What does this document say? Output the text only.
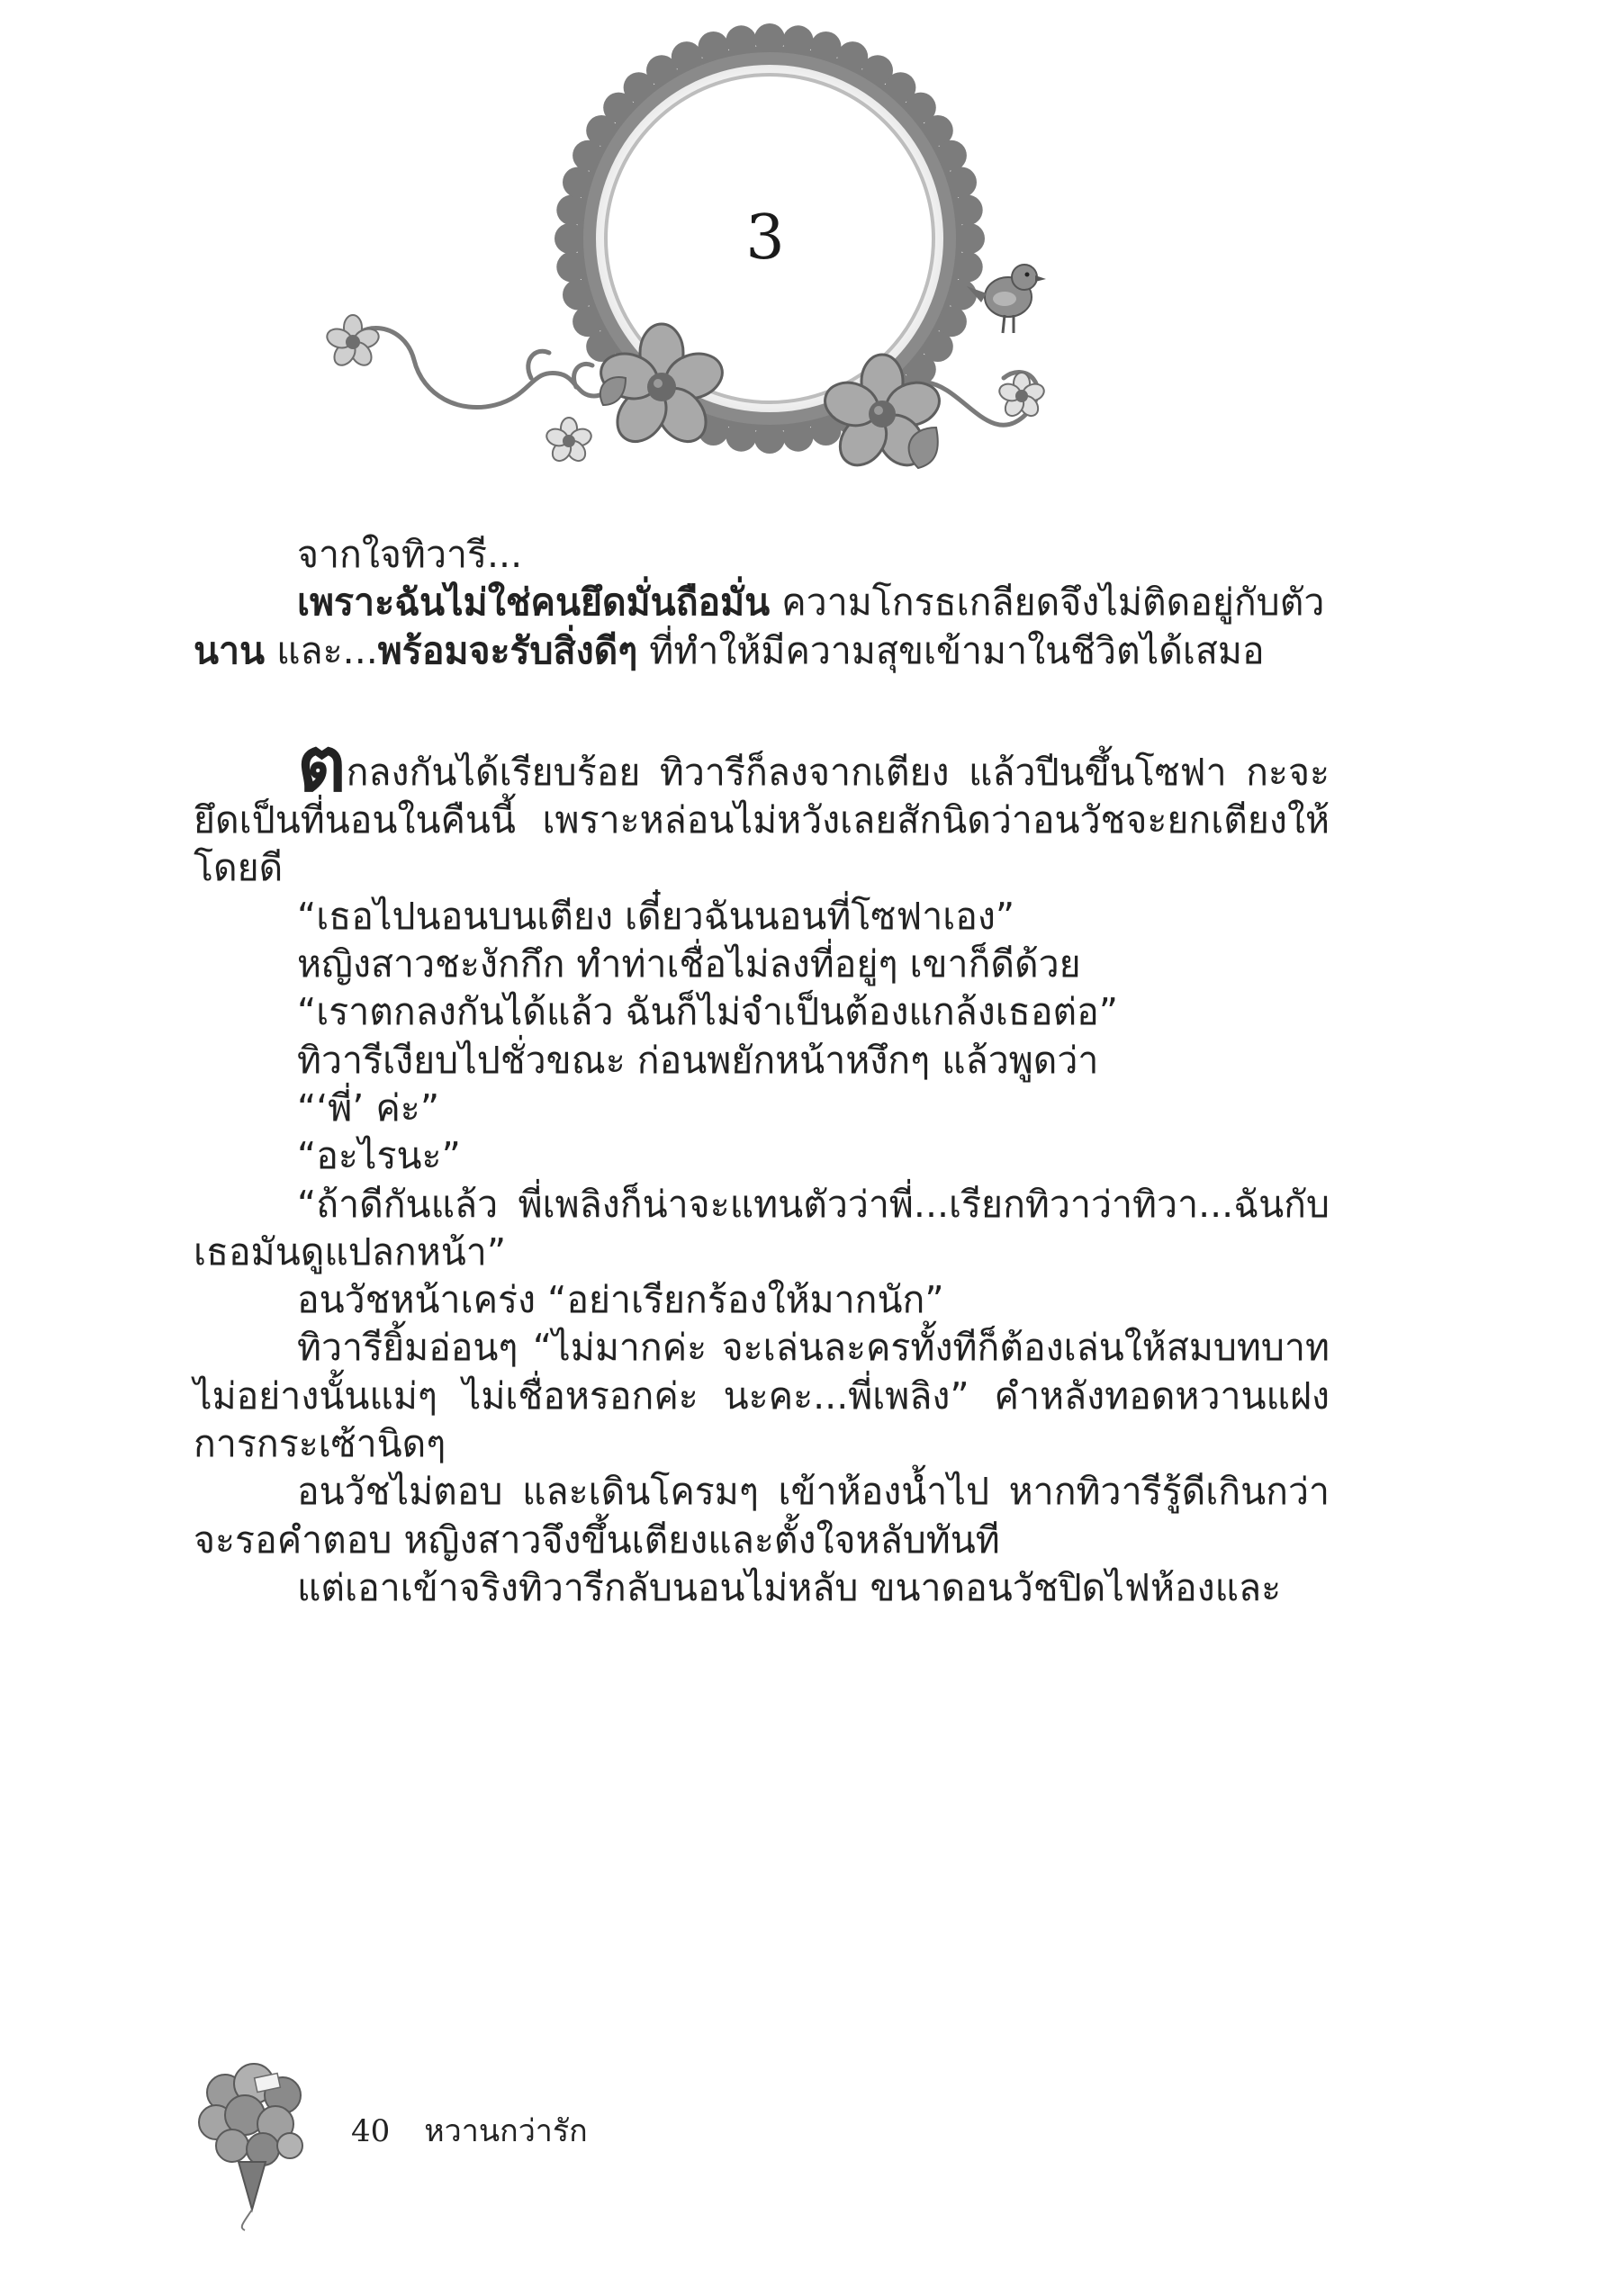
3

จากใจทิวารี...

เพราะฉันไม่ใช่คนยึดมั่นถือมั่น ความโกรธเกลียดจึงไม่ติดอยู่กับตัว
นาน และ...พร้อมจะรับสิ่งดีๆ ที่ทำให้มีความสุขเข้ามาในชีวิตได้เสมอ

ตกลงกันได้เรียบร้อย ทิวารีก็ลงจากเตียง แล้วปีนขึ้นโซฟา กะจะยึดเป็นที่นอนในคืนนี้ เพราะหล่อนไม่หวังเลยสักนิดว่าอนวัชจะยกเตียงให้โดยดี

“เธอไปนอนบนเตียง เดี๋ยวฉันนอนที่โซฟาเอง”

หญิงสาวชะงักกึก ทำท่าเชื่อไม่ลงที่อยู่ๆ เขาก็ดีด้วย

“เราตกลงกันได้แล้ว ฉันก็ไม่จำเป็นต้องแกล้งเธอต่อ”

ทิวารีเงียบไปชั่วขณะ ก่อนพยักหน้าหงึกๆ แล้วพูดว่า

“‘พี่’ ค่ะ”

“อะไรนะ”

“ถ้าดีกันแล้ว พี่เพลิงก็น่าจะแทนตัวว่าพี่...เรียกทิวาว่าทิวา...ฉันกับเธอมันดูแปลกหน้า”

อนวัชหน้าเคร่ง “อย่าเรียกร้องให้มากนัก”

ทิวารียิ้มอ่อนๆ “ไม่มากค่ะ จะเล่นละครทั้งทีก็ต้องเล่นให้สมบทบาท ไม่อย่างนั้นแม่ๆ ไม่เชื่อหรอกค่ะ นะคะ...พี่เพลิง” คำหลังทอดหวานแฝงการกระเซ้านิดๆ

อนวัชไม่ตอบ และเดินโครมๆ เข้าห้องน้ำไป หากทิวารีรู้ดีเกินกว่าจะรอคำตอบ หญิงสาวจึงขึ้นเตียงและตั้งใจหลับทันที

แต่เอาเข้าจริงทิวารีกลับนอนไม่หลับ ขนาดอนวัชปิดไฟห้องและ

40 หวานกว่ารัก
